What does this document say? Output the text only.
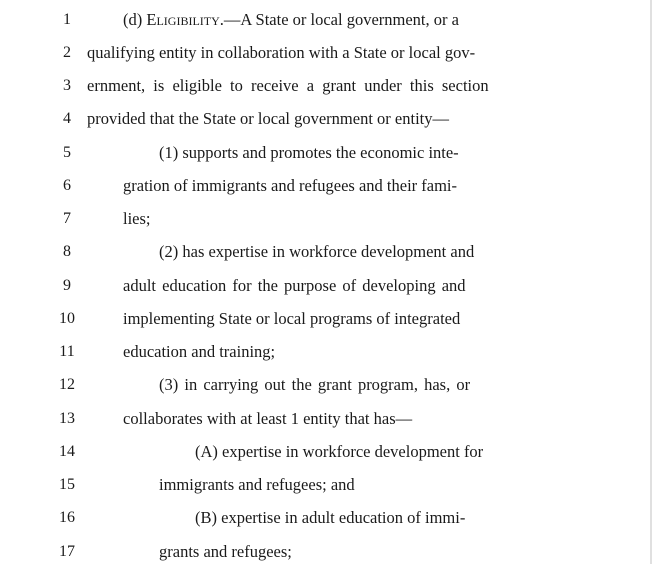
1	(d) Eligibility.—A State or local government, or a
2 qualifying entity in collaboration with a State or local gov-
3 ernment, is eligible to receive a grant under this section
4 provided that the State or local government or entity—
5	(1) supports and promotes the economic inte-
6	gration of immigrants and refugees and their fami-
7	lies;
8	(2) has expertise in workforce development and
9	adult education for the purpose of developing and
10	implementing State or local programs of integrated
11	education and training;
12	(3) in carrying out the grant program, has, or
13	collaborates with at least 1 entity that has—
14	(A) expertise in workforce development for
15	immigrants and refugees; and
16	(B) expertise in adult education of immi-
17	grants and refugees;
